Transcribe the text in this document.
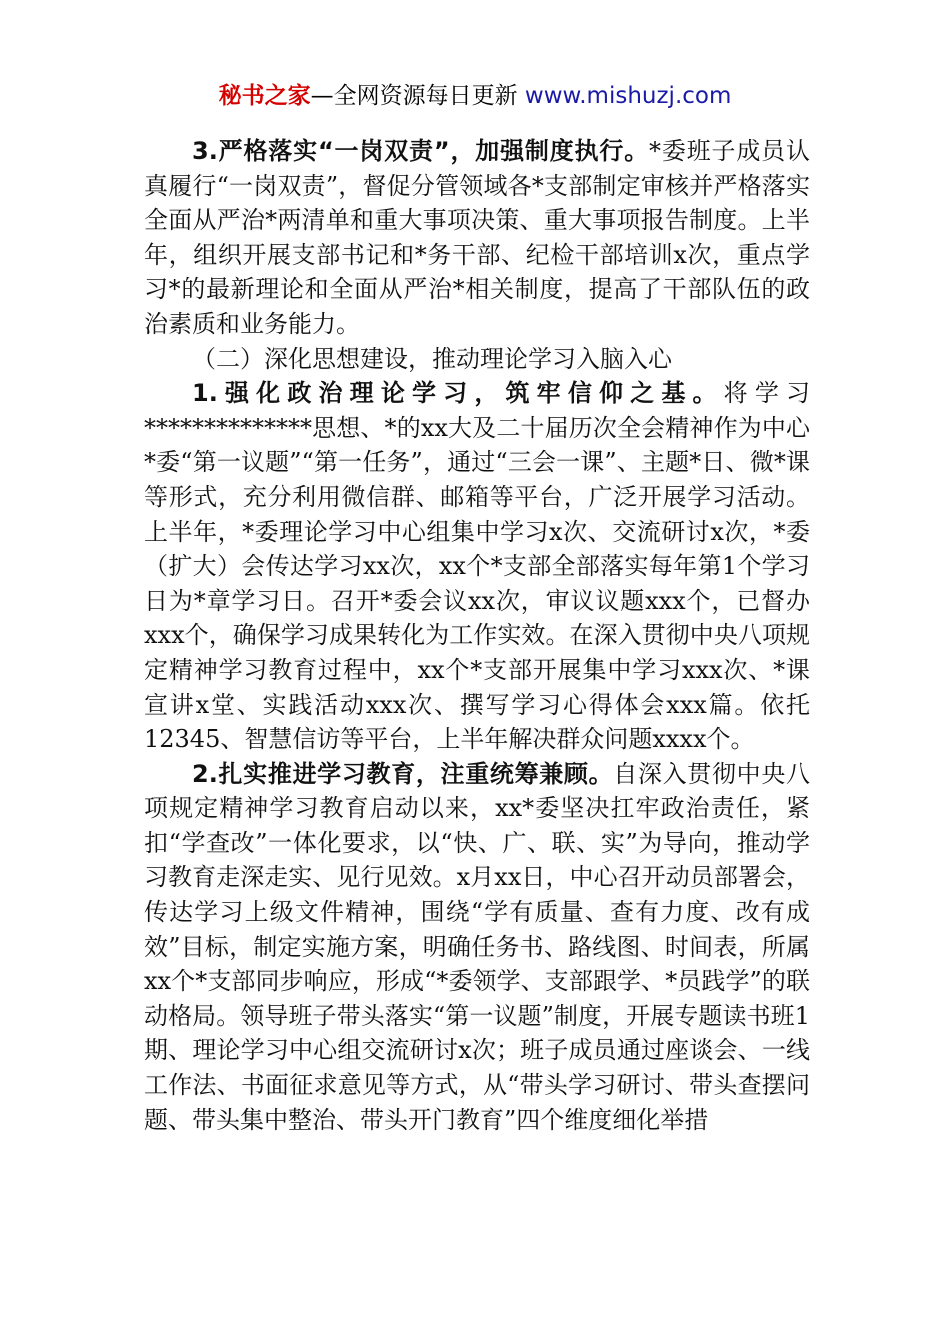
秘书之家—全网资源每日更新 www.mishuzj.com

3.严格落实“一岗双责”，加强制度执行。*委班子成员认真履行“一岗双责”，督促分管领域各*支部制定审核并严格落实全面从严治*两清单和重大事项决策、重大事项报告制度。上半年，组织开展支部书记和*务干部、纪检干部培训x次，重点学习*的最新理论和全面从严治*相关制度，提高了干部队伍的政治素质和业务能力。

（二）深化思想建设，推动理论学习入脑入心

1.强化政治理论学习，筑牢信仰之基。将学习**************思想、*的xx大及二十届历次全会精神作为中心*委“第一议题”“第一任务”，通过“三会一课”、主题*日、微*课等形式，充分利用微信群、邮箱等平台，广泛开展学习活动。上半年，*委理论学习中心组集中学习x次、交流研讨x次，*委（扩大）会传达学习xx次，xx个*支部全部落实每年第1个学习日为*章学习日。召开*委会议xx次，审议议题xxx个，已督办xxx个，确保学习成果转化为工作实效。在深入贯彻中央八项规定精神学习教育过程中，xx个*支部开展集中学习xxx次、*课宣讲x堂、实践活动xxx次、撰写学习心得体会xxx篇。依托12345、智慧信访等平台，上半年解决群众问题xxxx个。

2.扎实推进学习教育，注重统筹兼顾。自深入贯彻中央八项规定精神学习教育启动以来，xx*委坚决扛牢政治责任，紧扣“学查改”一体化要求，以“快、广、联、实”为导向，推动学习教育走深走实、见行见效。x月xx日，中心召开动员部署会，传达学习上级文件精神，围绕“学有质量、查有力度、改有成效”目标，制定实施方案，明确任务书、路线图、时间表，所属xx个*支部同步响应，形成“*委领学、支部跟学、*员践学”的联动格局。领导班子带头落实“第一议题”制度，开展专题读书班1期、理论学习中心组交流研讨x次；班子成员通过座谈会、一线工作法、书面征求意见等方式，从“带头学习研讨、带头查摆问题、带头集中整治、带头开门教育”四个维度细化举措
